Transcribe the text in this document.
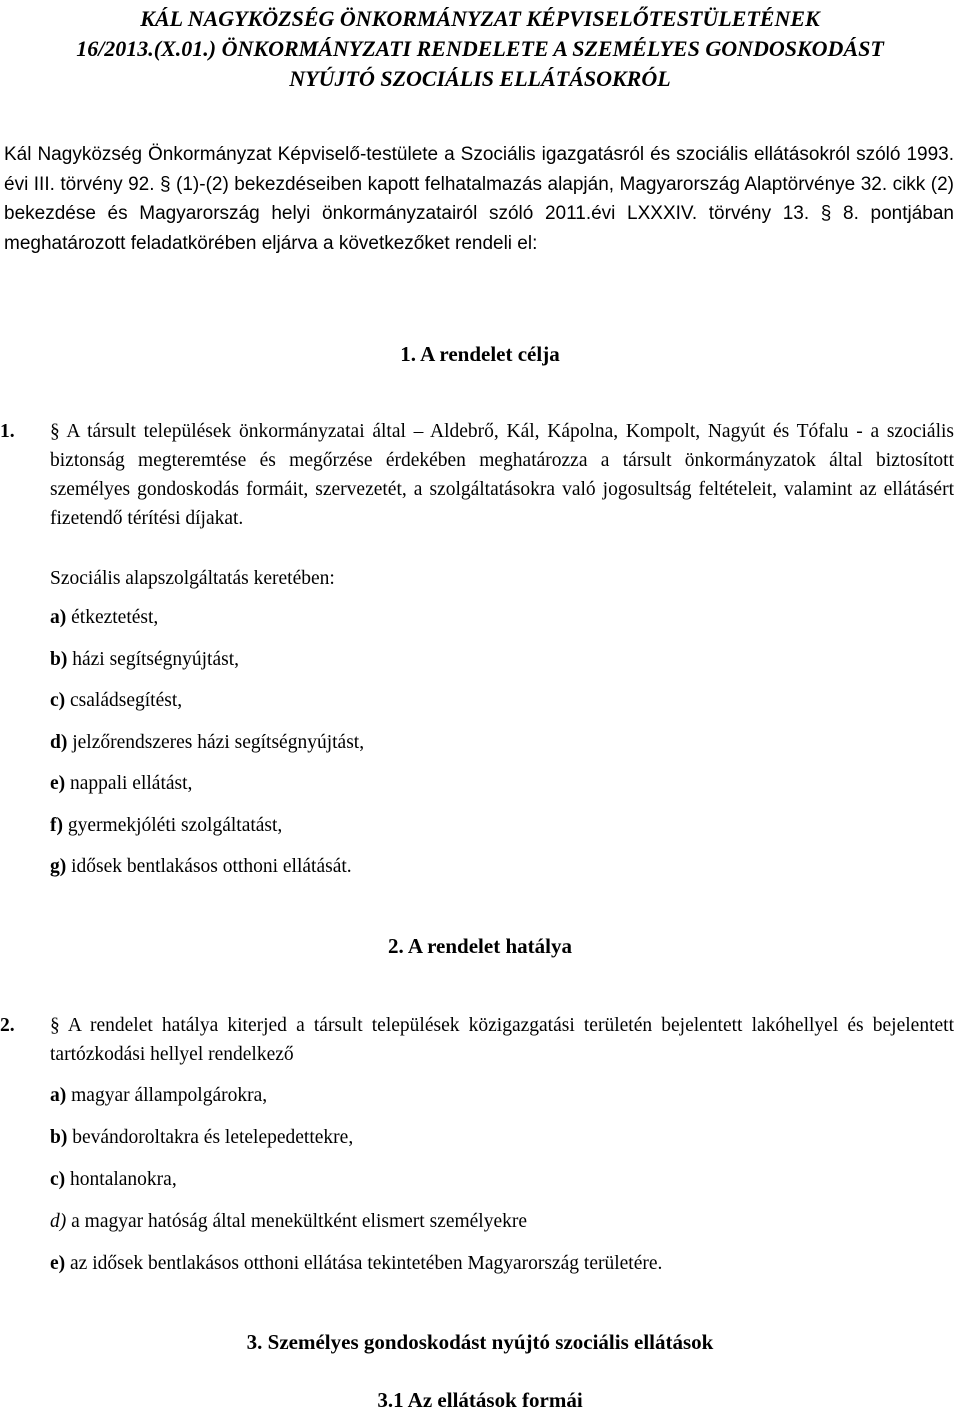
KÁL NAGYKÖZSÉG ÖNKORMÁNYZAT KÉPVISELŐTESTÜLETÉNEK
16/2013.(X.01.) ÖNKORMÁNYZATI RENDELETE A SZEMÉLYES GONDOSKODÁST
NYÚJTÓ SZOCIÁLIS ELLÁTÁSOKRÓL

Kál Nagyközség Önkormányzat Képviselő-testülete a Szociális igazgatásról és szociális ellátásokról szóló 1993. évi III. törvény 92. § (1)-(2) bekezdéseiben kapott felhatalmazás alapján, Magyarország Alaptörvénye 32. cikk (2) bekezdése és Magyarország helyi önkormányzatairól szóló 2011.évi LXXXIV. törvény 13. § 8. pontjában meghatározott feladatkörében eljárva a következőket rendeli el:

1. A rendelet célja
1. § A társult települések önkormányzatai által – Aldebrő, Kál, Kápolna, Kompolt, Nagyút és Tófalu - a szociális biztonság megteremtése és megőrzése érdekében meghatározza a társult önkormányzatok által biztosított személyes gondoskodás formáit, szervezetét, a szolgáltatásokra való jogosultság feltételeit, valamint az ellátásért fizetendő térítési díjakat.
Szociális alapszolgáltatás keretében:
a) étkeztetést,
b) házi segítségnyújtást,
c) családsegítést,
d) jelzőrendszeres házi segítségnyújtást,
e) nappali ellátást,
f) gyermekjóléti szolgáltatást,
g) idősek bentlakásos otthoni ellátását.
2. A rendelet hatálya
2. § A rendelet hatálya kiterjed a társult települések közigazgatási területén bejelentett lakóhellyel és bejelentett tartózkodási hellyel rendelkező
a) magyar állampolgárokra,
b) bevándoroltakra és letelepedettekre,
c) hontalanokra,
d) a magyar hatóság által menekültként elismert személyekre
e) az idősek bentlakásos otthoni ellátása tekintetében Magyarország területére.
3. Személyes gondoskodást nyújtó szociális ellátások
3.1 Az ellátások formái
